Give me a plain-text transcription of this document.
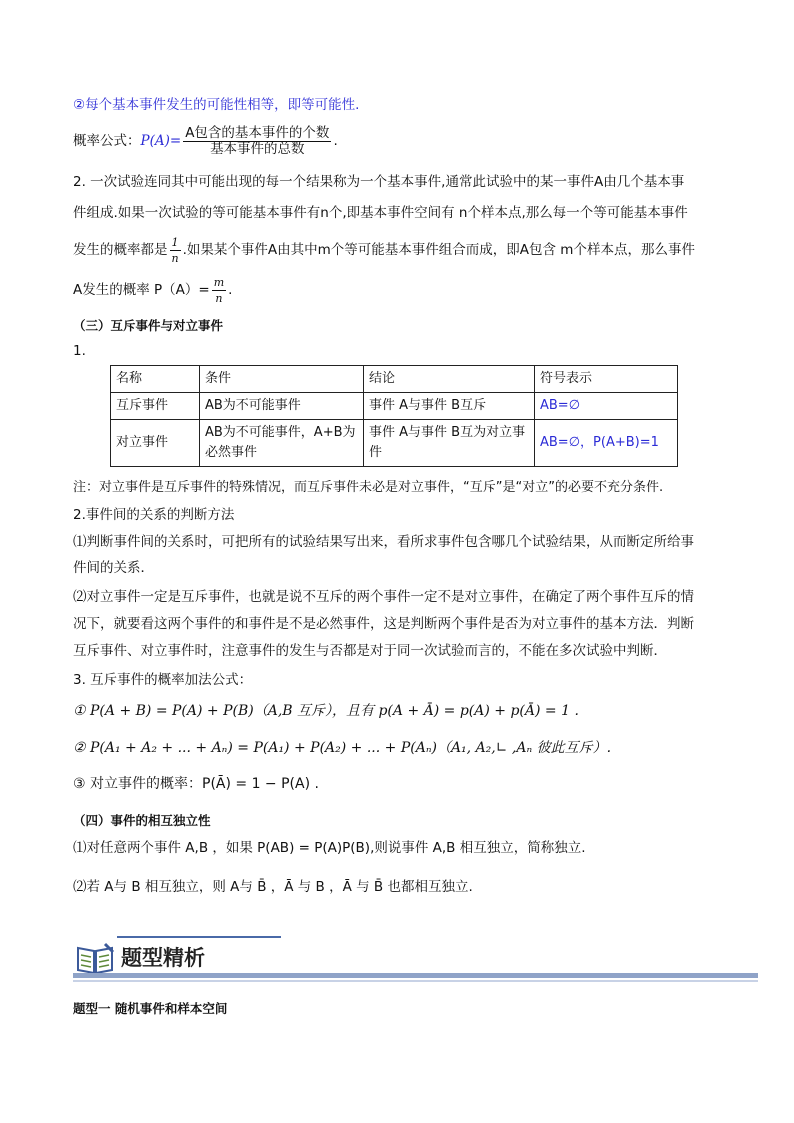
②每个基本事件发生的可能性相等，即等可能性.
概率公式：$P(A)= \frac{\text{A包含的基本事件的个数}}{\text{基本事件的总数}}$ .
2. 一次试验连同其中可能出现的每一个结果称为一个基本事件,通常此试验中的某一事件A由几个基本事
件组成.如果一次试验的等可能基本事件有n个,即基本事件空间有 n个样本点,那么每一个等可能基本事件
发生的概率都是 $\frac{1}{n}$ .如果某个事件A由其中m个等可能基本事件组合而成，即A包含 m个样本点，那么事件
A发生的概率 $P(A)= \frac{m}{n}$ .
（三）互斥事件与对立事件
1.
名称	条件	结论	符号表示
互斥事件	AB为不可能事件	事件 A与事件 B互斥	AB=∅
对立事件	AB为不可能事件，A+B为必然事件	事件 A与事件 B互为对立事件	AB=∅，P(A+B)=1
注：对立事件是互斥事件的特殊情况，而互斥事件未必是对立事件，“互斥”是“对立”的必要不充分条件.
2.事件间的关系的判断方法
⑴判断事件间的关系时，可把所有的试验结果写出来，看所求事件包含哪几个试验结果，从而断定所给事
件间的关系．
⑵对立事件一定是互斥事件，也就是说不互斥的两个事件一定不是对立事件，在确定了两个事件互斥的情
况下，就要看这两个事件的和事件是不是必然事件，这是判断两个事件是否为对立事件的基本方法．判断
互斥事件、对立事件时，注意事件的发生与否都是对于同一次试验而言的，不能在多次试验中判断．
3. 互斥事件的概率加法公式：
① P(A + B) = P(A) + P(B)（A,B 互斥），且有 p(A + Ā) = p(A) + p(Ā) = 1 .
② P(A₁ + A₂ + ... + Aₙ) = P(A₁) + P(A₂) + ... + P(Aₙ)（A₁, A₂,∟ ,Aₙ 彼此互斥）.
③ 对立事件的概率：P(Ā) = 1 − P(A) .
（四）事件的相互独立性
⑴对任意两个事件 A,B ，如果 P(AB) = P(A)P(B),则说事件 A,B 相互独立，简称独立.
⑵若 A与 B 相互独立，则 A与 B̄ ，Ā 与 B ，Ā 与 B̄ 也都相互独立.
题型精析
题型一 随机事件和样本空间
